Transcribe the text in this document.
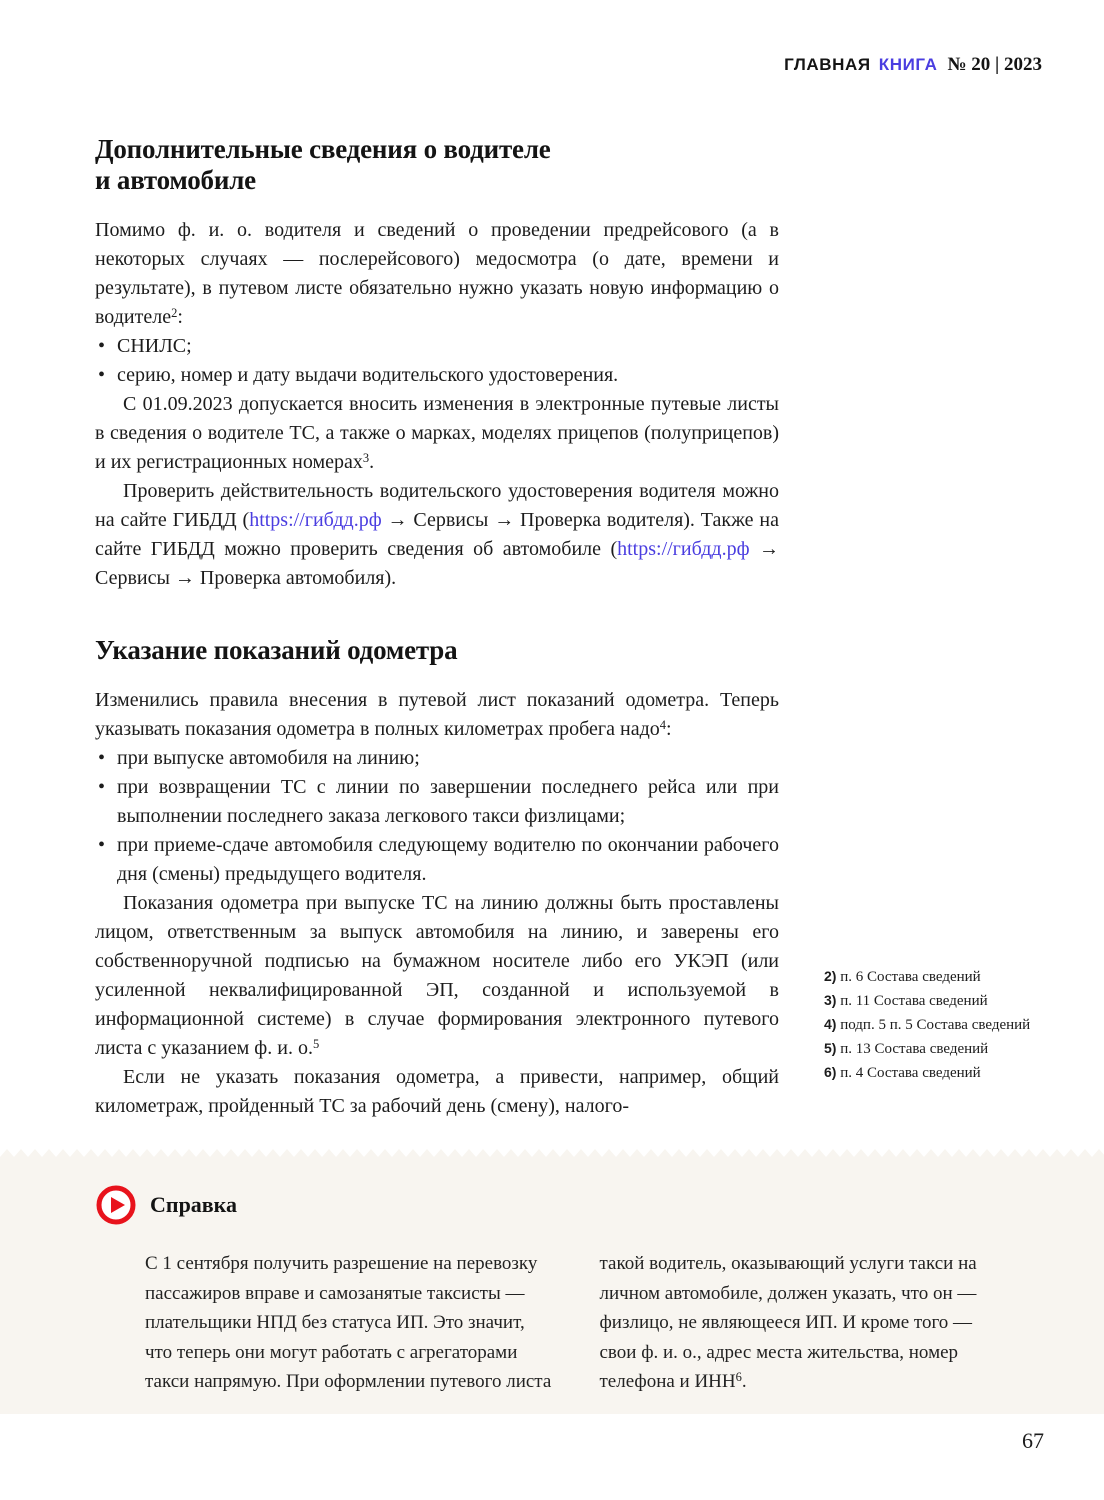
ГЛАВНАЯ КНИГА № 20 | 2023
Дополнительные сведения о водителе
и автомобиле

Помимо ф. и. о. водителя и сведений о проведении предрейсового (а в некоторых случаях — послерейсового) медосмотра (о дате, времени и результате), в путевом листе обязательно нужно указать новую информацию о водителе$^2$:

• СНИЛС;
• серию, номер и дату выдачи водительского удостоверения.

С 01.09.2023 допускается вносить изменения в электронные путевые листы в сведения о водителе ТС, а также о марках, моделях прицепов (полуприцепов) и их регистрационных номерах$^3$.

Проверить действительность водительского удостоверения водителя можно на сайте ГИБДД (https://гибдд.рф → Сервисы → Проверка водителя). Также на сайте ГИБДД можно проверить сведения об автомобиле (https://гибдд.рф → Сервисы → Проверка автомобиля).

Указание показаний одометра

Изменились правила внесения в путевой лист показаний одометра. Теперь указывать показания одометра в полных километрах пробега надо$^4$:

• при выпуске автомобиля на линию;
• при возвращении ТС с линии по завершении последнего рейса или при выполнении последнего заказа легкового такси физлицами;
• при приеме-сдаче автомобиля следующему водителю по окончании рабочего дня (смены) предыдущего водителя.

Показания одометра при выпуске ТС на линию должны быть проставлены лицом, ответственным за выпуск автомобиля на линию, и заверены его собственноручной подписью на бумажном носителе либо его УКЭП (или усиленной неквалифицированной ЭП, созданной и используемой в информационной системе) в случае формирования электронного путевого листа с указанием ф. и. о.$^5$

Если не указать показания одометра, а привести, например, общий километраж, пройденный ТС за рабочий день (смену), налого-

2) п. 6 Состава сведений
3) п. 11 Состава сведений
4) подп. 5 п. 5 Состава сведений
5) п. 13 Состава сведений
6) п. 4 Состава сведений
Справка

С 1 сентября получить разрешение на перевозку пассажиров вправе и самозанятые таксисты — плательщики НПД без статуса ИП. Это значит, что теперь они могут работать с агрегаторами такси напрямую. При оформлении путевого листа

такой водитель, оказывающий услуги такси на личном автомобиле, должен указать, что он — физлицо, не являющееся ИП. И кроме того — свои ф. и. о., адрес места жительства, номер телефона и ИНН$^6$.

67
